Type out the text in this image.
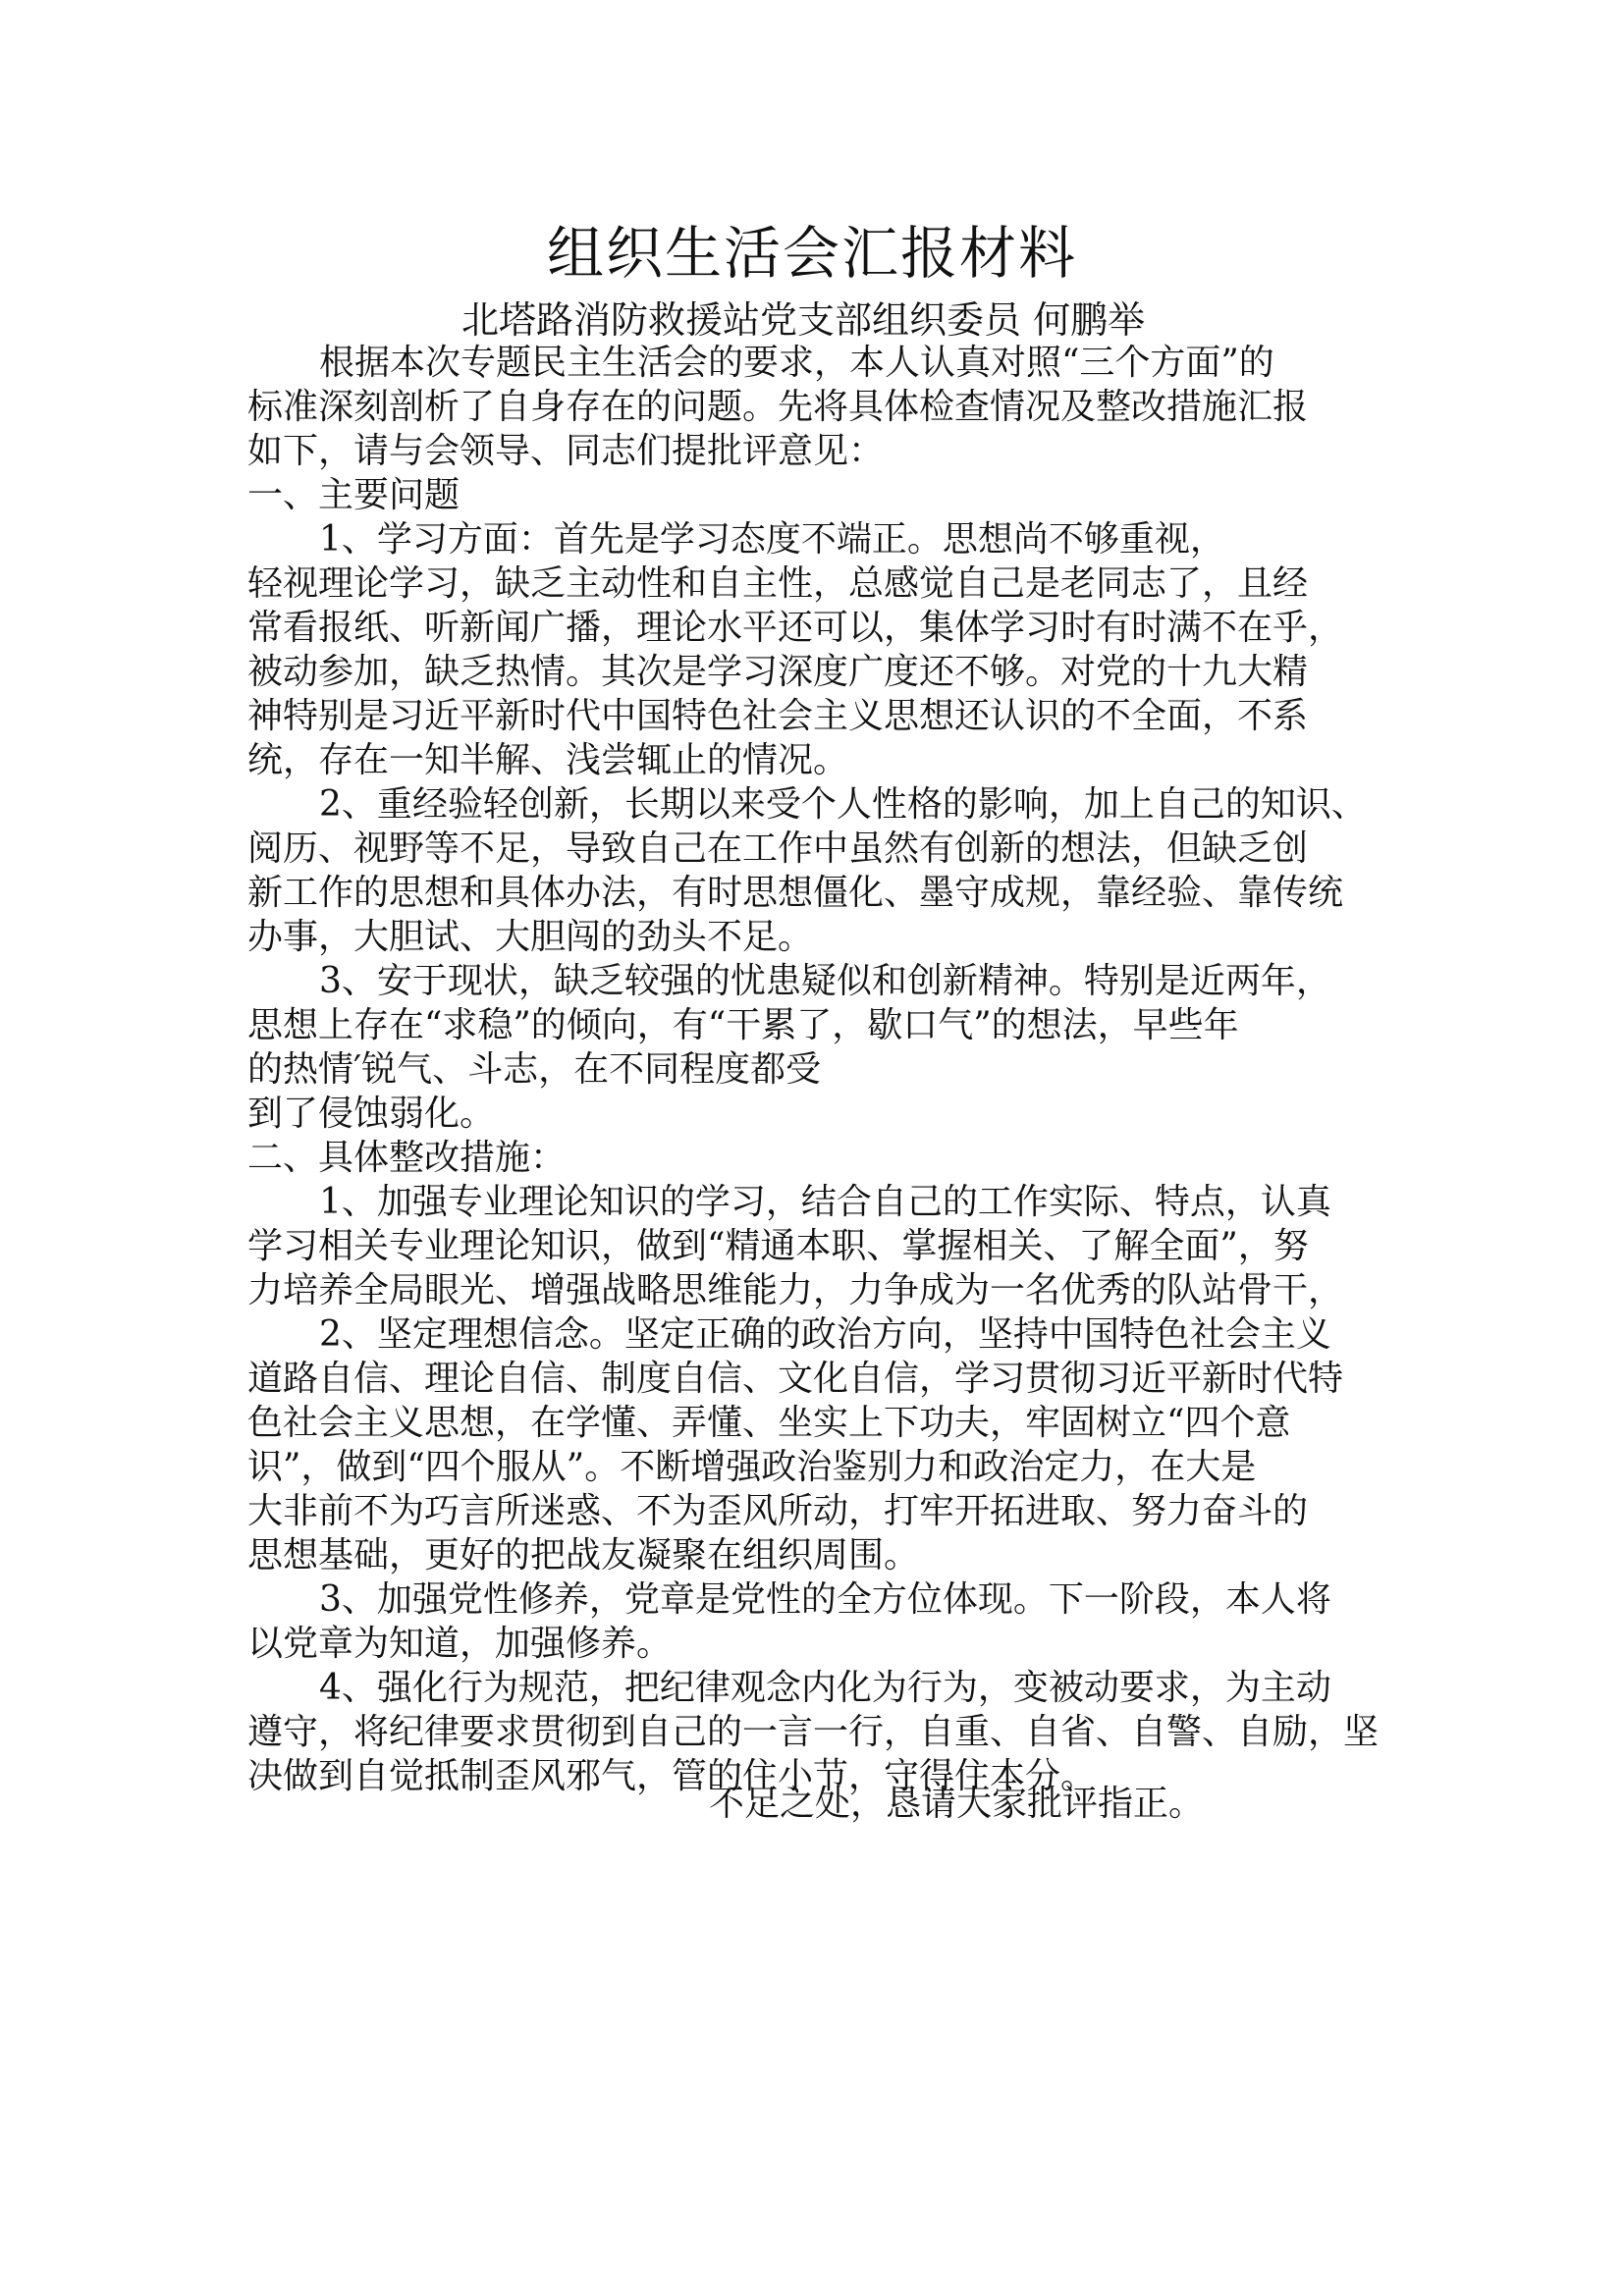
组织生活会汇报材料
北塔路消防救援站党支部组织委员 何鹏举
根据本次专题民主生活会的要求，本人认真对照“三个方面”的
标准深刻剖析了自身存在的问题。先将具体检查情况及整改措施汇报
如下，请与会领导、同志们提批评意见：
一、主要问题
1、学习方面：首先是学习态度不端正。思想尚不够重视，
轻视理论学习，缺乏主动性和自主性，总感觉自己是老同志了，且经
常看报纸、听新闻广播，理论水平还可以，集体学习时有时满不在乎，
被动参加，缺乏热情。其次是学习深度广度还不够。对党的十九大精
神特别是习近平新时代中国特色社会主义思想还认识的不全面，不系
统，存在一知半解、浅尝辄止的情况。
2、重经验轻创新，长期以来受个人性格的影响，加上自己的知识、
阅历、视野等不足，导致自己在工作中虽然有创新的想法，但缺乏创
新工作的思想和具体办法，有时思想僵化、墨守成规，靠经验、靠传统
办事，大胆试、大胆闯的劲头不足。
3、安于现状，缺乏较强的忧患疑似和创新精神。特别是近两年，
思想上存在“求稳”的倾向，有“干累了，歇口气”的想法，早些年
的热情′锐气、斗志，在不同程度都受
到了侵蚀弱化。
二、具体整改措施：
1、加强专业理论知识的学习，结合自己的工作实际、特点，认真
学习相关专业理论知识，做到“精通本职、掌握相关、了解全面”，努
力培养全局眼光、增强战略思维能力，力争成为一名优秀的队站骨干，
2、坚定理想信念。坚定正确的政治方向，坚持中国特色社会主义
道路自信、理论自信、制度自信、文化自信，学习贯彻习近平新时代特
色社会主义思想，在学懂、弄懂、坐实上下功夫，牢固树立“四个意
识”，做到“四个服从”。不断增强政治鉴别力和政治定力，在大是
大非前不为巧言所迷惑、不为歪风所动，打牢开拓进取、努力奋斗的
思想基础，更好的把战友凝聚在组织周围。
3、加强党性修养，党章是党性的全方位体现。下一阶段，本人将
以党章为知道，加强修养。
4、强化行为规范，把纪律观念内化为行为，变被动要求，为主动
遵守，将纪律要求贯彻到自己的一言一行，自重、自省、自警、自励，坚
决做到自觉抵制歪风邪气，管的住小节，守得住本分。
不足之处，恳请大家批评指正。
